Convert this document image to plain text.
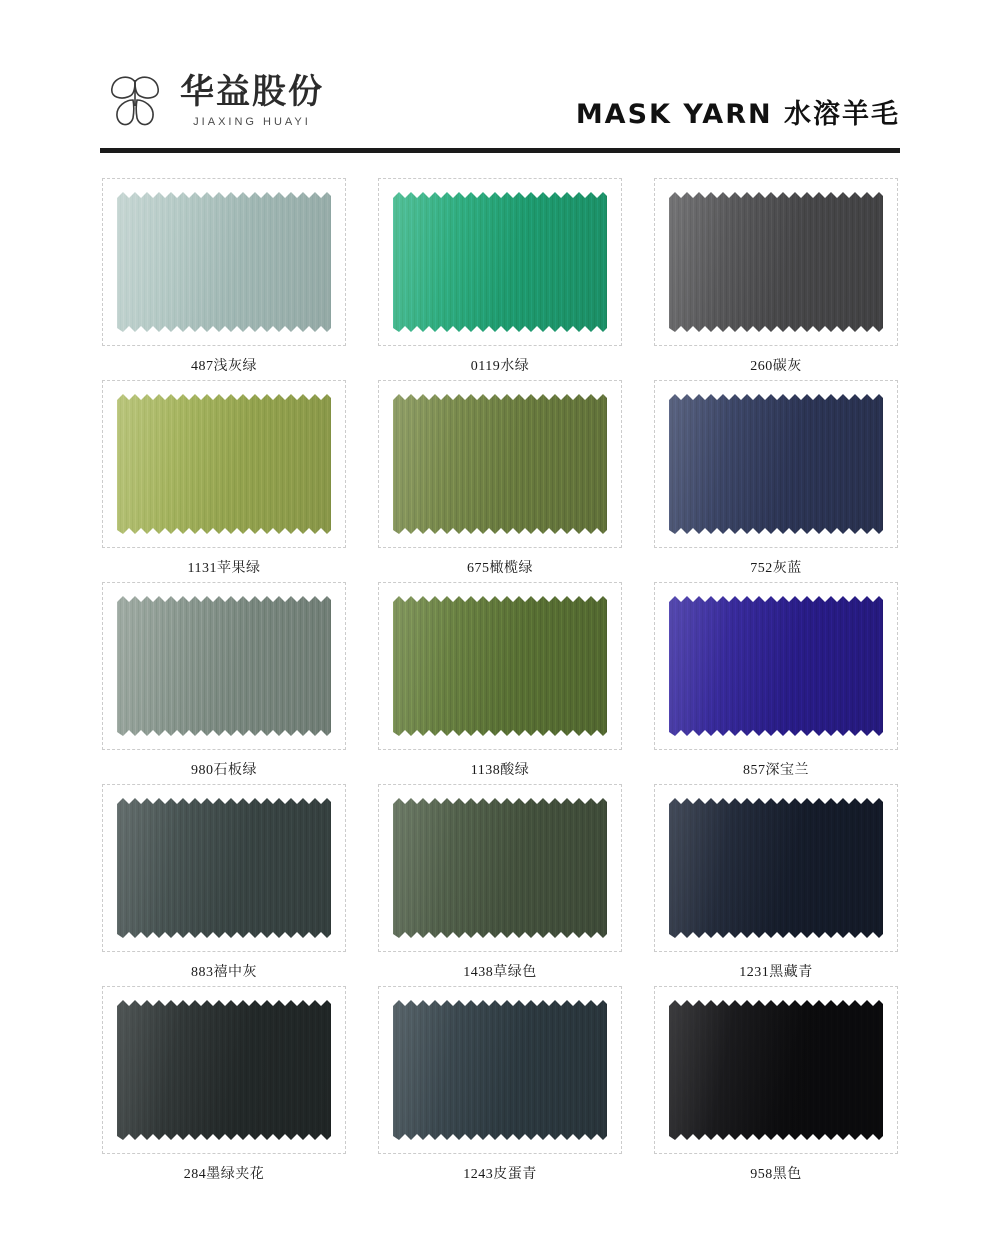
华益股份
JIAXING HUAYI	MASK YARN 水溶羊毛
487浅灰绿	0119水绿	260碳灰
1131苹果绿	675橄榄绿	752灰蓝
980石板绿	1138酸绿	857深宝兰
883禧中灰	1438草绿色	1231黑藏青
284墨绿夹花	1243皮蛋青	958黑色
